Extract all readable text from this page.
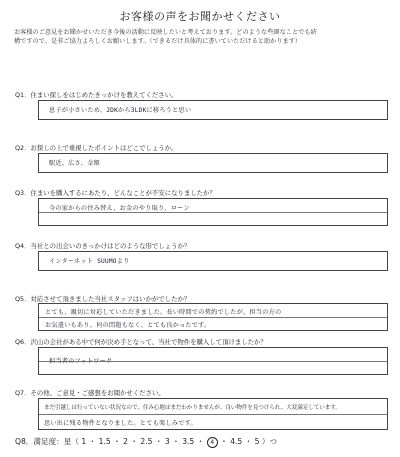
お客様の声をお聞かせください
お客様のご意見をお聞かせいただき今後の活動に反映したいと考えております。どのような些細なことでも結
構ですので、是非ご協力よろしくお願いします。（できるだけ具体的に書いていただけると助かります）
Q1．住まい探しをはじめたきっかけを教えてください。
息子が小さいため、2DKから3LDKに移ろうと思い
Q2．お探しの上で重視したポイントはどこでしょうか。
駅近、広さ、金額
Q3．住まいを購入するにあたり、どんなことが不安になりましたか？
今の家からの住み替え、お金のやり取り、ローン
Q4．当社との出会いのきっかけはどのような形でしょうか？
インターネット SUUMOより
Q5．対応させて頂きました当社スタッフはいかがでしたか？
とても、親切に対応していただきました。長い時間での契約でしたが、担当の方の
お気遣いもあり、何の問題もなく、とても良かったです。
Q6．沢山の会社がある中で何が決め手となって、当社で物件を購入して頂けましたか？
担当者のフットワーク
Q7．その他、ご意見・ご感想をお聞かせください。
まだ引越しは行っていない状況なので、住み心地はまだわかりませんが、良い物件を見つけられ、大変満足しています。
思い出に残る物件となりました。とても楽しみです。
Q8．満足度：星（ 1 ・ 1.5 ・ 2 ・ 2.5 ・ 3 ・ 3.5 ・ 4 ・ 4.5 ・ 5 ）つ
